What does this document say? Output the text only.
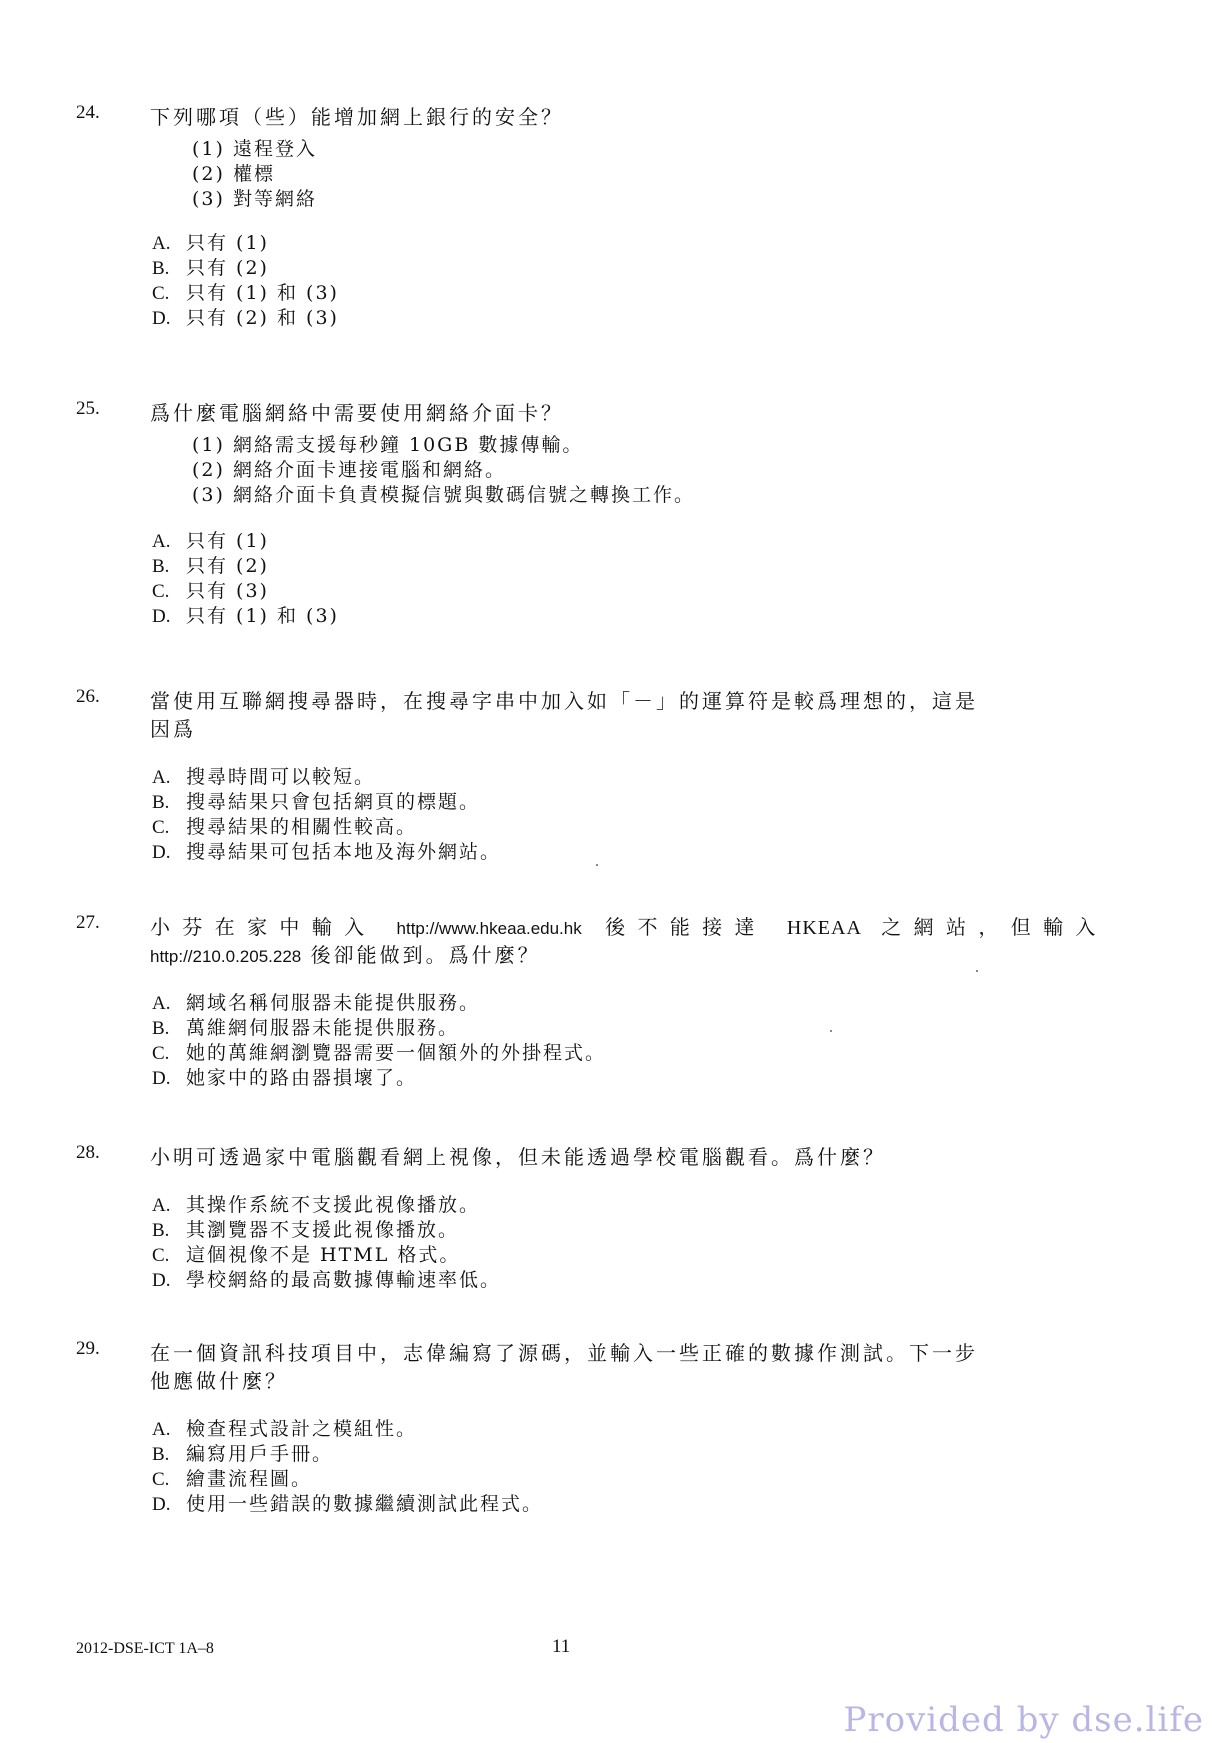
24.	下列哪項（些）能增加網上銀行的安全？
(1) 遠程登入
(2) 權標
(3) 對等網絡
A. 只有 (1)
B. 只有 (2)
C. 只有 (1) 和 (3)
D. 只有 (2) 和 (3)
25.	爲什麼電腦網絡中需要使用網絡介面卡？
(1) 網絡需支援每秒鐘 10GB 數據傳輸。
(2) 網絡介面卡連接電腦和網絡。
(3) 網絡介面卡負責模擬信號與數碼信號之轉換工作。
A. 只有 (1)
B. 只有 (2)
C. 只有 (3)
D. 只有 (1) 和 (3)
26.	當使用互聯網搜尋器時，在搜尋字串中加入如「－」的運算符是較爲理想的，這是
因爲
A. 搜尋時間可以較短。
B. 搜尋結果只會包括網頁的標題。
C. 搜尋結果的相關性較高。
D. 搜尋結果可包括本地及海外網站。
27.	小 芬 在 家 中 輸 入 http://www.hkeaa.edu.hk 後 不 能 接 達 HKEAA 之 網 站 ， 但 輸 入
http://210.0.205.228 後卻能做到。爲什麼？
A. 網域名稱伺服器未能提供服務。
B. 萬維網伺服器未能提供服務。
C. 她的萬維網瀏覽器需要一個額外的外掛程式。
D. 她家中的路由器損壞了。
28.	小明可透過家中電腦觀看網上視像，但未能透過學校電腦觀看。爲什麼？
A. 其操作系統不支援此視像播放。
B. 其瀏覽器不支援此視像播放。
C. 這個視像不是 HTML 格式。
D. 學校網絡的最高數據傳輸速率低。
29.	在一個資訊科技項目中，志偉編寫了源碼，並輸入一些正確的數據作測試。下一步
他應做什麼？
A. 檢查程式設計之模組性。
B. 編寫用戶手冊。
C. 繪畫流程圖。
D. 使用一些錯誤的數據繼續測試此程式。
2012-DSE-ICT 1A–8	11
Provided by dse.life
